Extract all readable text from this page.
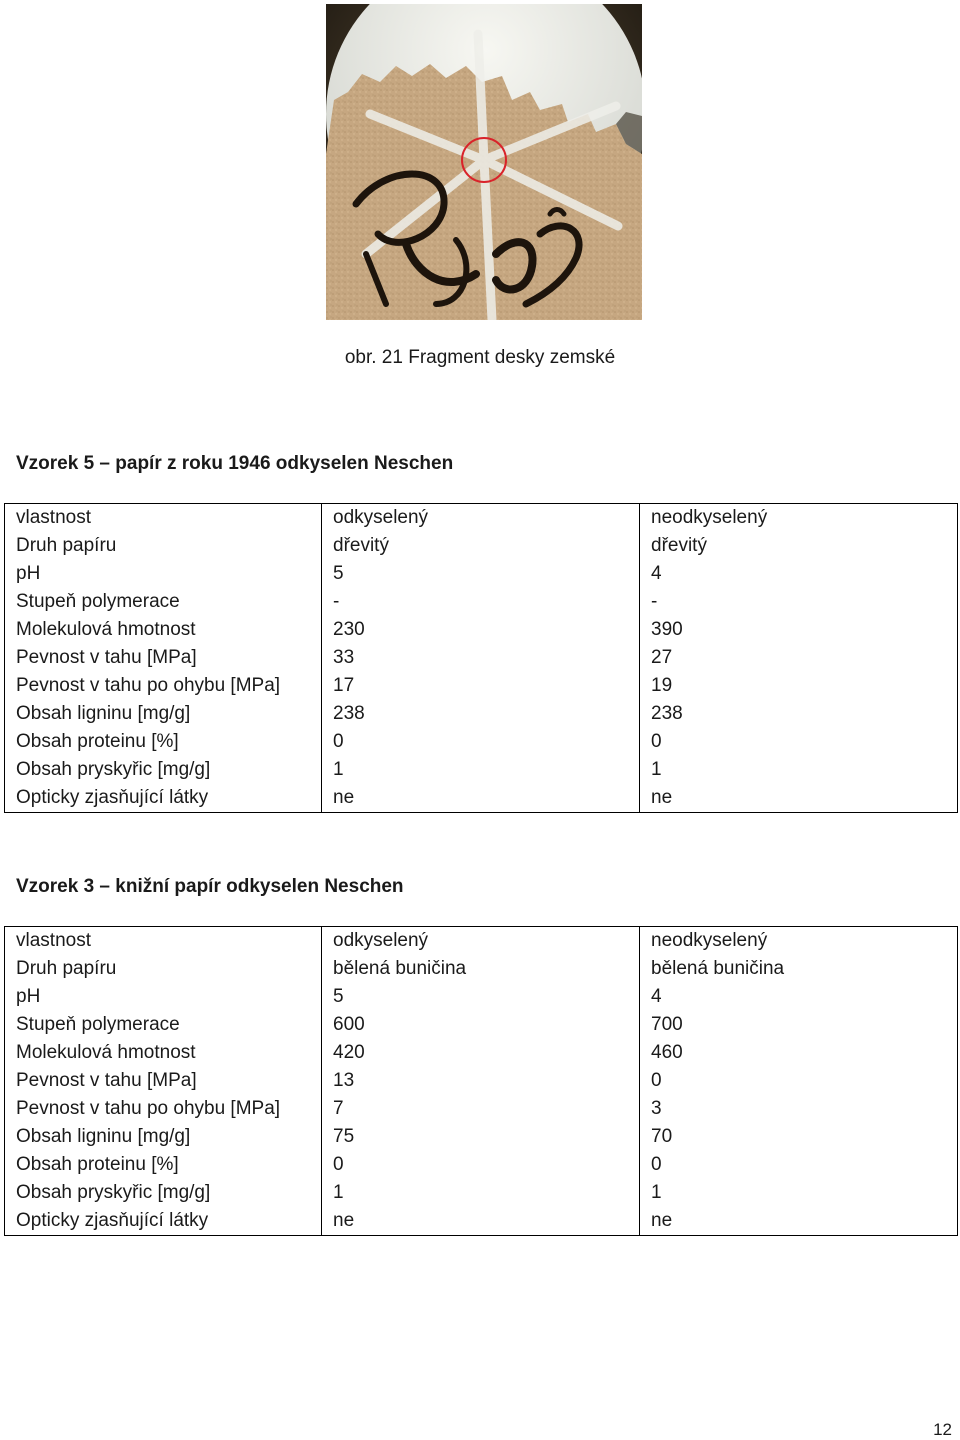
obr. 21 Fragment desky zemské
Vzorek 5 – papír z roku 1946 odkyselen Neschen
vlastnost	odkyselený	neodkyselený
Druh papíru	dřevitý	dřevitý
pH	5	4
Stupeň polymerace	-	-
Molekulová hmotnost	230	390
Pevnost v tahu [MPa]	33	27
Pevnost v tahu po ohybu [MPa]	17	19
Obsah ligninu [mg/g]	238	238
Obsah proteinu [%]	0	0
Obsah pryskyřic [mg/g]	1	1
Opticky zjasňující látky	ne	ne
Vzorek 3 – knižní papír odkyselen Neschen
vlastnost	odkyselený	neodkyselený
Druh papíru	bělená buničina	bělená buničina
pH	5	4
Stupeň polymerace	600	700
Molekulová hmotnost	420	460
Pevnost v tahu [MPa]	13	0
Pevnost v tahu po ohybu [MPa]	7	3
Obsah ligninu [mg/g]	75	70
Obsah proteinu [%]	0	0
Obsah pryskyřic [mg/g]	1	1
Opticky zjasňující látky	ne	ne
12
